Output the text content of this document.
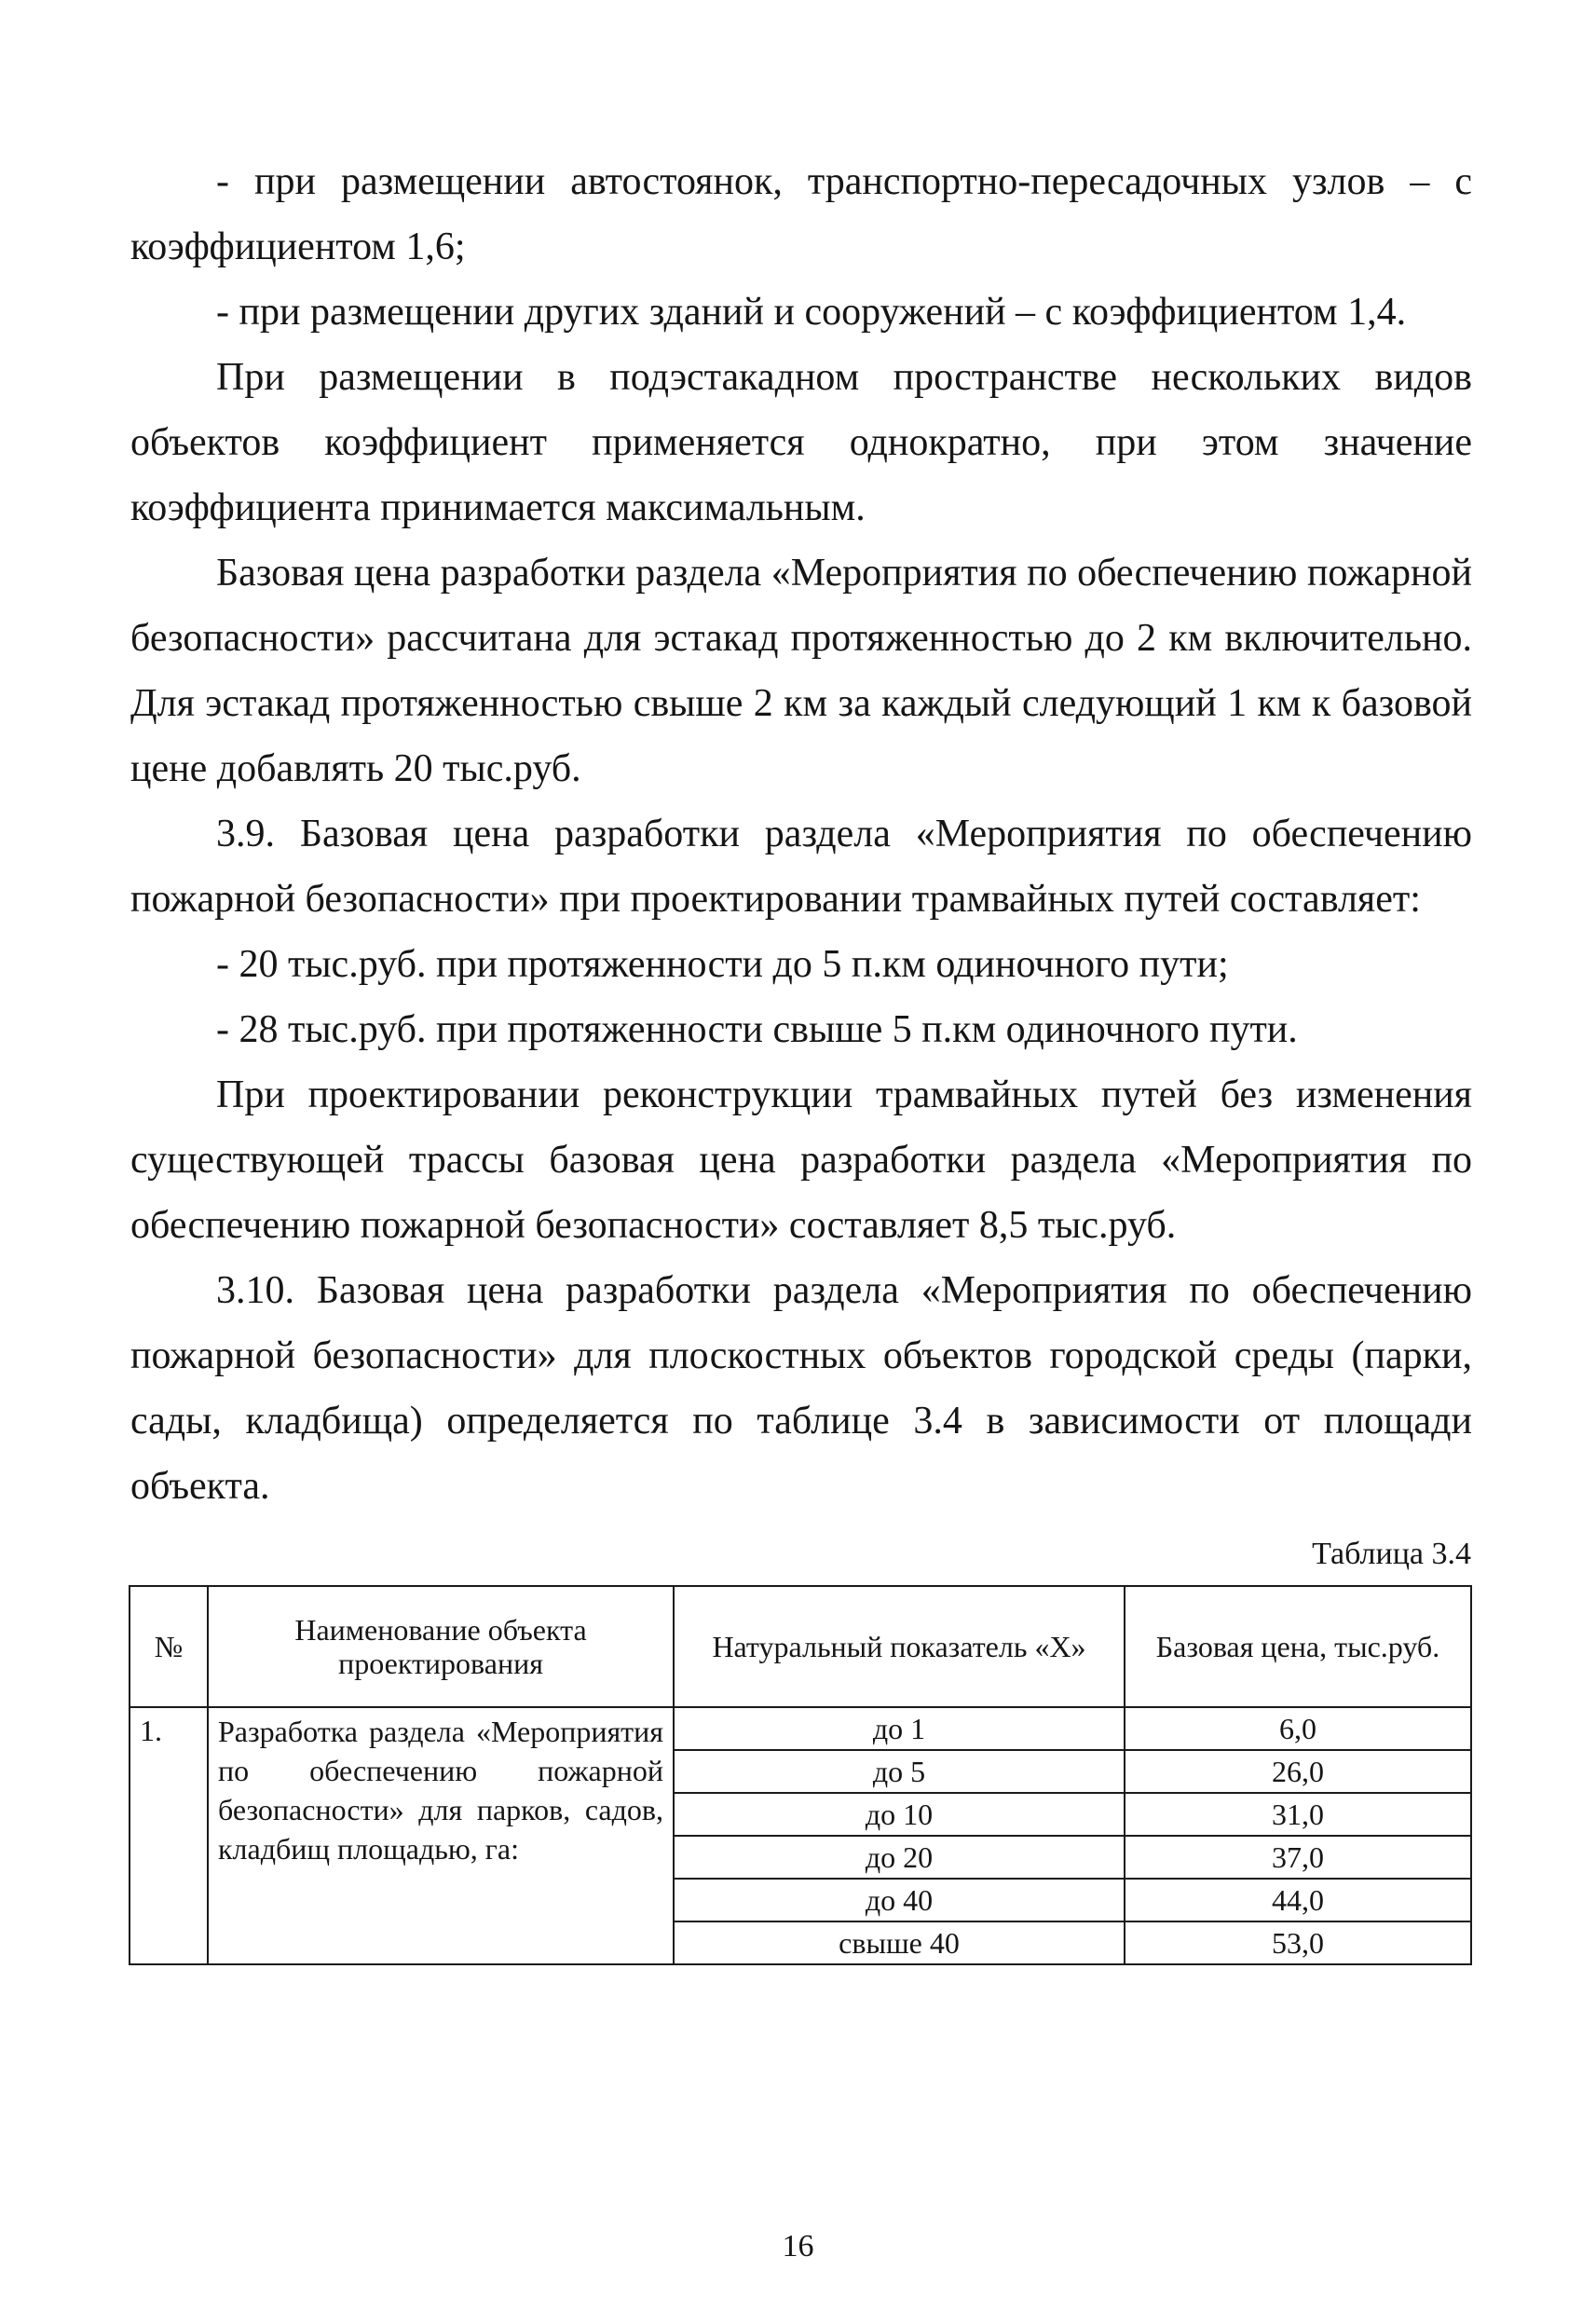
- при размещении автостоянок, транспортно-пересадочных узлов – с коэффициентом 1,6;

- при размещении других зданий и сооружений – с коэффициентом 1,4.

При размещении в подэстакадном пространстве нескольких видов объектов коэффициент применяется однократно, при этом значение коэффициента принимается максимальным.

Базовая цена разработки раздела «Мероприятия по обеспечению пожарной безопасности» рассчитана для эстакад протяженностью до 2 км включительно. Для эстакад протяженностью свыше 2 км за каждый следующий 1 км к базовой цене добавлять 20 тыс.руб.

3.9. Базовая цена разработки раздела «Мероприятия по обеспечению пожарной безопасности» при проектировании трамвайных путей составляет:

- 20 тыс.руб. при протяженности до 5 п.км одиночного пути;

- 28 тыс.руб. при протяженности свыше 5 п.км одиночного пути.

При проектировании реконструкции трамвайных путей без изменения существующей трассы базовая цена разработки раздела «Мероприятия по обеспечению пожарной безопасности» составляет 8,5 тыс.руб.

3.10. Базовая цена разработки раздела «Мероприятия по обеспечению пожарной безопасности» для плоскостных объектов городской среды (парки, сады, кладбища) определяется по таблице 3.4 в зависимости от площади объекта.

Таблица 3.4
№	Наименование объекта проектирования	Натуральный показатель «Х»	Базовая цена, тыс.руб.
1.	Разработка раздела «Мероприятия по обеспечению пожарной безопасности» для парков, садов, кладбищ площадью, га:	до 1	6,0
		до 5	26,0
		до 10	31,0
		до 20	37,0
		до 40	44,0
		свыше 40	53,0
16
